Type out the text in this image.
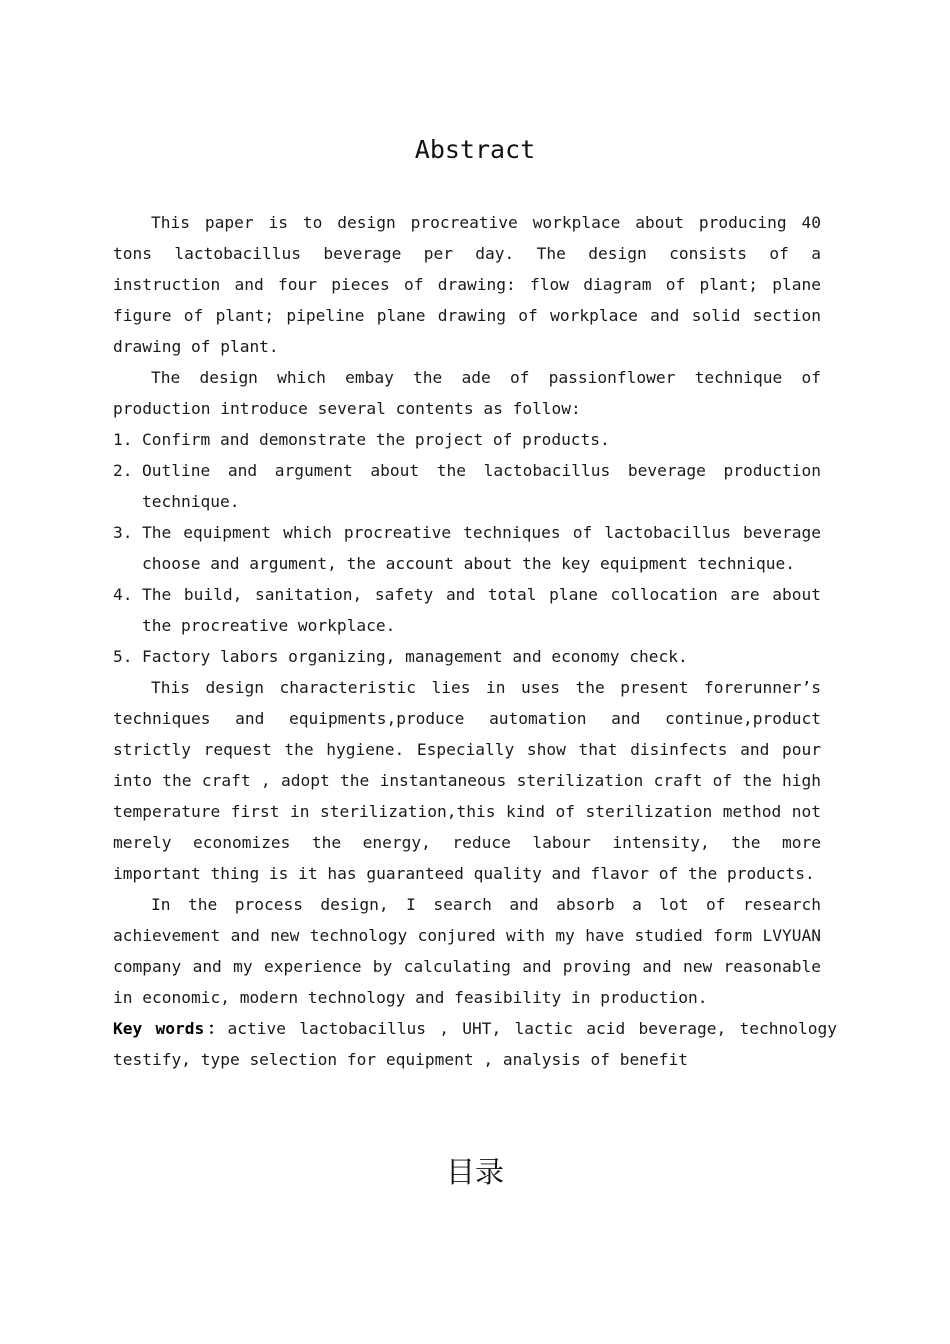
Abstract

This paper is to design procreative workplace about producing 40 tons lactobacillus beverage per day. The design consists of a instruction and four pieces of drawing: flow diagram of plant; plane figure of plant; pipeline plane drawing of workplace and solid section drawing of plant.

The design which embay the ade of passionflower technique of production introduce several contents as follow:

1. Confirm and demonstrate the project of products.
2. Outline and argument about the lactobacillus beverage production technique.
3. The equipment which procreative techniques of lactobacillus beverage choose and argument, the account about the key equipment technique.
4. The build, sanitation, safety and total plane collocation are about the procreative workplace.
5. Factory labors organizing, management and economy check.

This design characteristic lies in uses the present forerunner’s techniques and equipments,produce automation and continue,product strictly request the hygiene. Especially show that disinfects and pour into the craft , adopt the instantaneous sterilization craft of the high temperature first in sterilization,this kind of sterilization method not merely economizes the energy, reduce labour intensity, the more important thing is it has guaranteed quality and flavor of the products.

In the process design, I search and absorb a lot of research achievement and new technology conjured with my have studied form LVYUAN company and my experience by calculating and proving and new reasonable in economic, modern technology and feasibility in production.

Key words：active lactobacillus , UHT, lactic acid beverage, technology testify, type selection for equipment , analysis of benefit
目录
